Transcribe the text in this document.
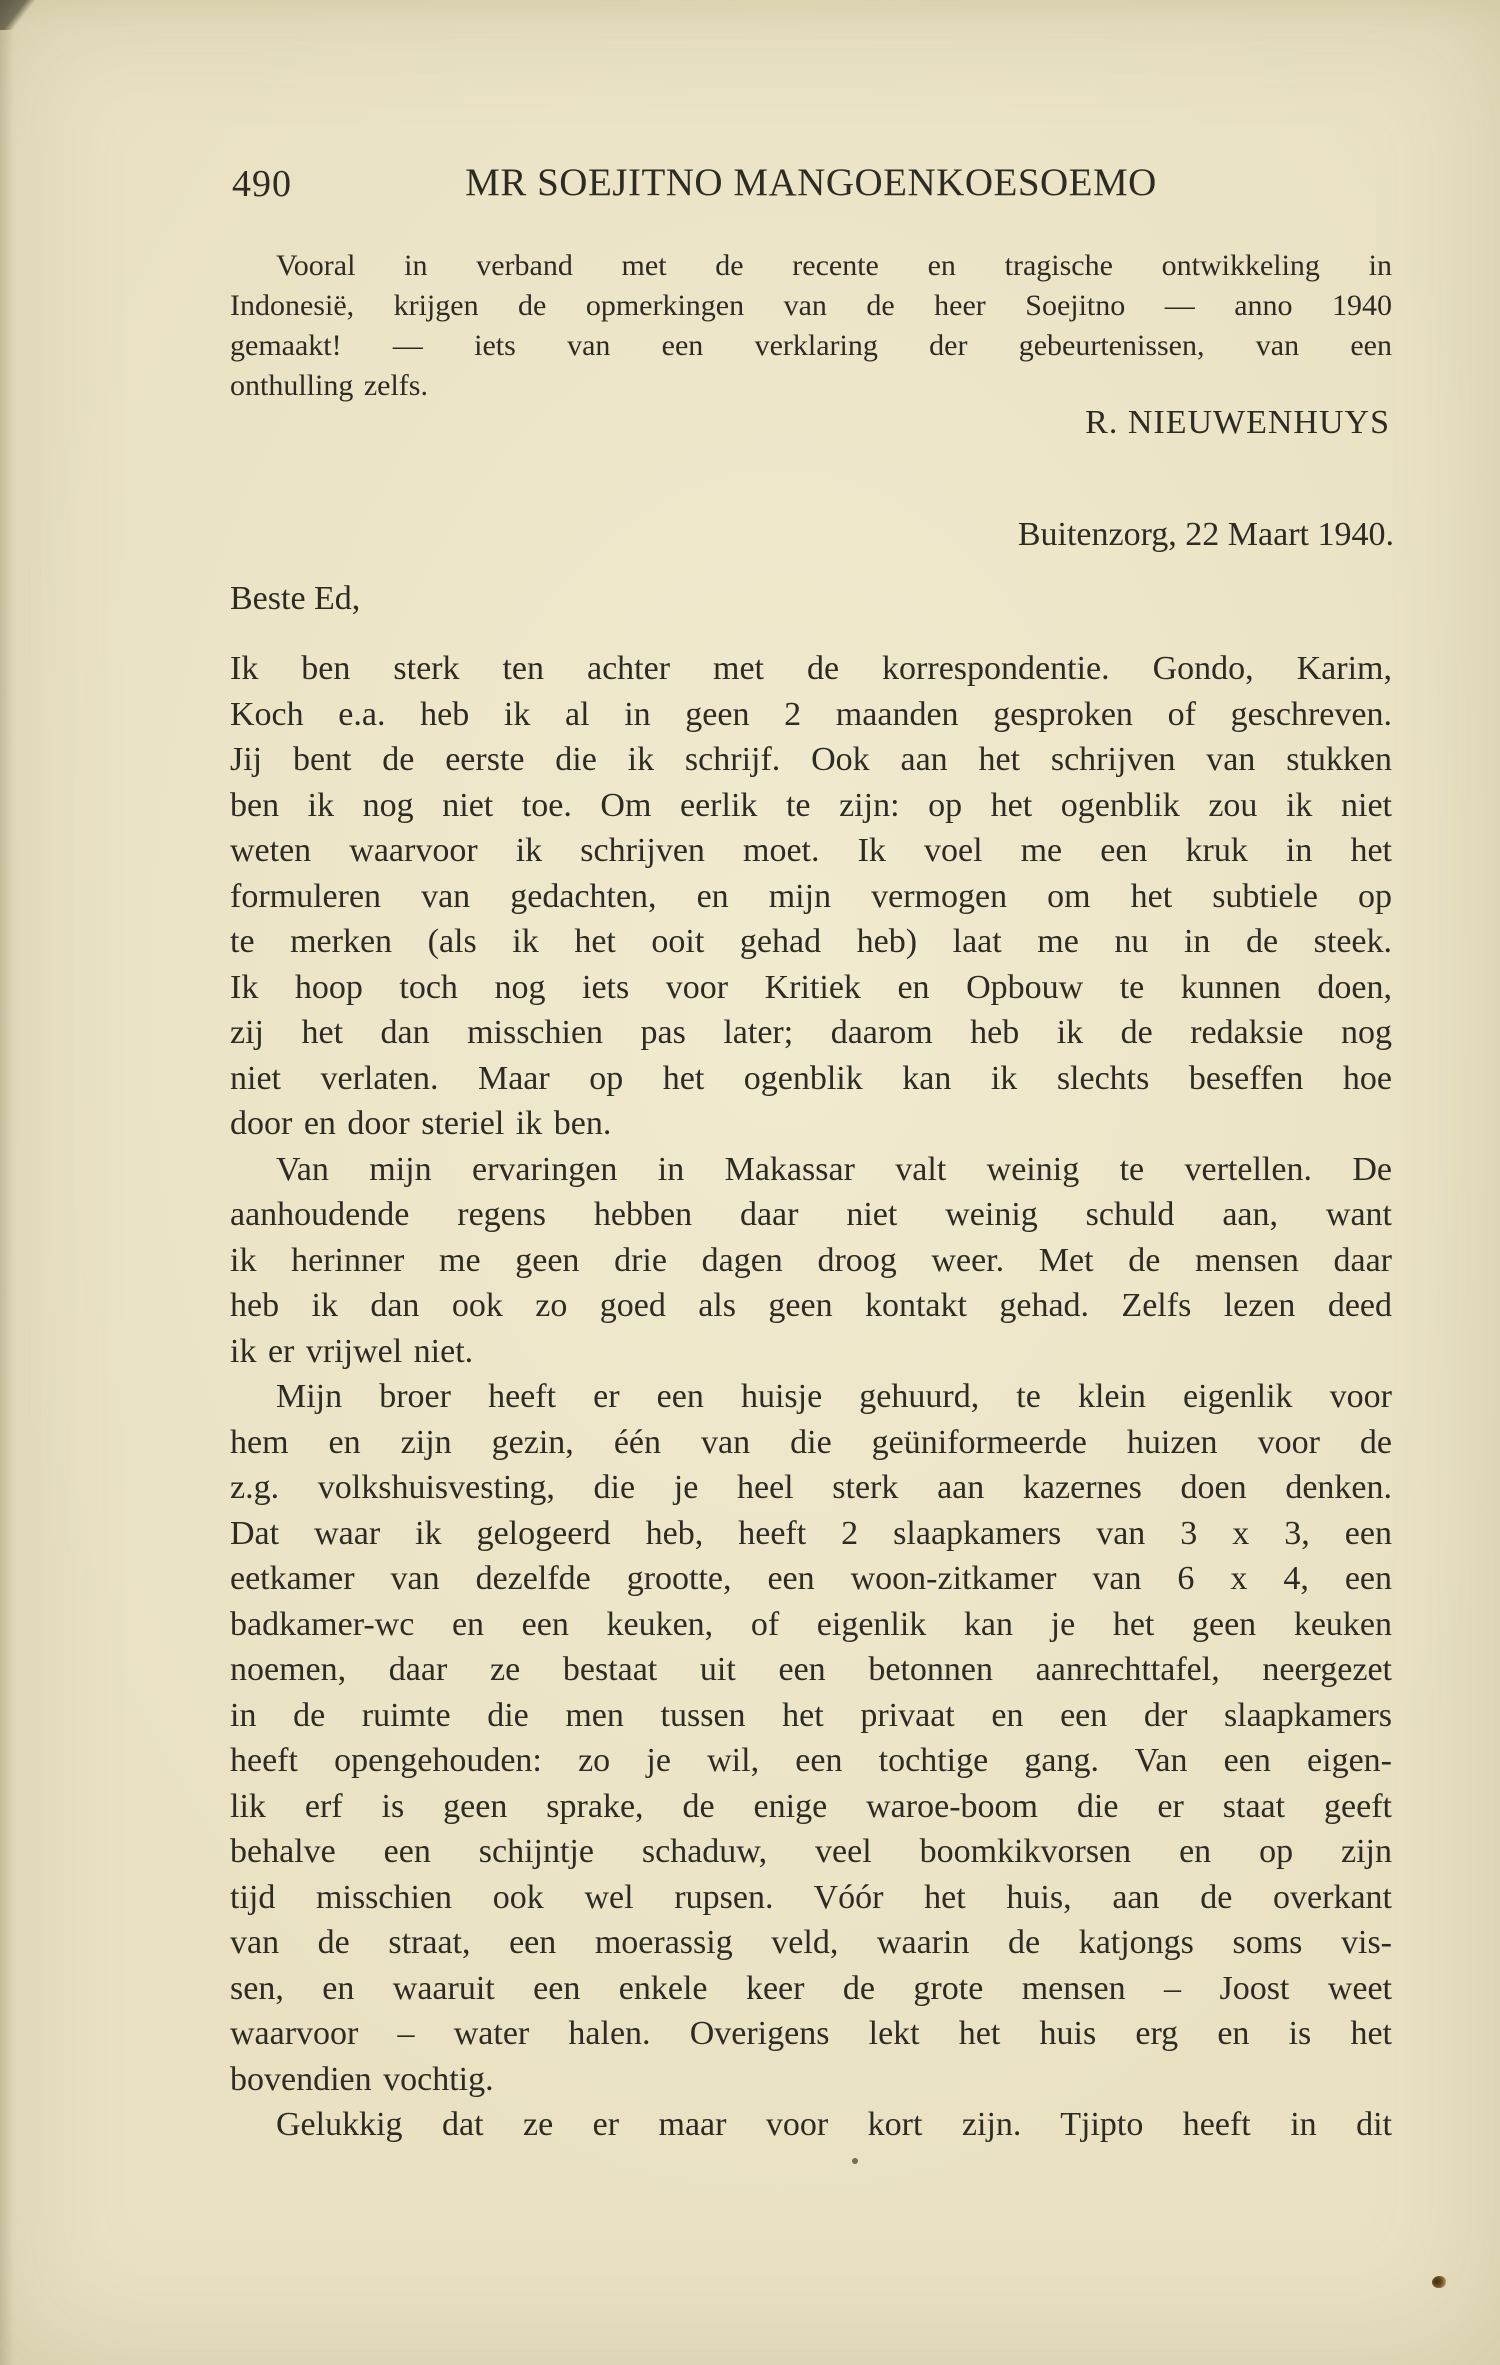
490	MR SOEJITNO MANGOENKOESOEMO
Vooral in verband met de recente en tragische ontwikkeling in
Indonesië, krijgen de opmerkingen van de heer Soejitno — anno 1940
gemaakt! — iets van een verklaring der gebeurtenissen, van een
onthulling zelfs.
R. NIEUWENHUYS
Buitenzorg, 22 Maart 1940.
Beste Ed,
Ik ben sterk ten achter met de korrespondentie. Gondo, Karim,
Koch e.a. heb ik al in geen 2 maanden gesproken of geschreven.
Jij bent de eerste die ik schrijf. Ook aan het schrijven van stukken
ben ik nog niet toe. Om eerlik te zijn: op het ogenblik zou ik niet
weten waarvoor ik schrijven moet. Ik voel me een kruk in het
formuleren van gedachten, en mijn vermogen om het subtiele op
te merken (als ik het ooit gehad heb) laat me nu in de steek.
Ik hoop toch nog iets voor Kritiek en Opbouw te kunnen doen,
zij het dan misschien pas later; daarom heb ik de redaksie nog
niet verlaten. Maar op het ogenblik kan ik slechts beseffen hoe
door en door steriel ik ben.
Van mijn ervaringen in Makassar valt weinig te vertellen. De
aanhoudende regens hebben daar niet weinig schuld aan, want
ik herinner me geen drie dagen droog weer. Met de mensen daar
heb ik dan ook zo goed als geen kontakt gehad. Zelfs lezen deed
ik er vrijwel niet.
Mijn broer heeft er een huisje gehuurd, te klein eigenlik voor
hem en zijn gezin, één van die geüniformeerde huizen voor de
z.g. volkshuisvesting, die je heel sterk aan kazernes doen denken.
Dat waar ik gelogeerd heb, heeft 2 slaapkamers van 3 x 3, een
eetkamer van dezelfde grootte, een woon-zitkamer van 6 x 4, een
badkamer-wc en een keuken, of eigenlik kan je het geen keuken
noemen, daar ze bestaat uit een betonnen aanrechttafel, neergezet
in de ruimte die men tussen het privaat en een der slaapkamers
heeft opengehouden: zo je wil, een tochtige gang. Van een eigen-
lik erf is geen sprake, de enige waroe-boom die er staat geeft
behalve een schijntje schaduw, veel boomkikvorsen en op zijn
tijd misschien ook wel rupsen. Vóór het huis, aan de overkant
van de straat, een moerassig veld, waarin de katjongs soms vis-
sen, en waaruit een enkele keer de grote mensen – Joost weet
waarvoor – water halen. Overigens lekt het huis erg en is het
bovendien vochtig.
Gelukkig dat ze er maar voor kort zijn. Tjipto heeft in dit
